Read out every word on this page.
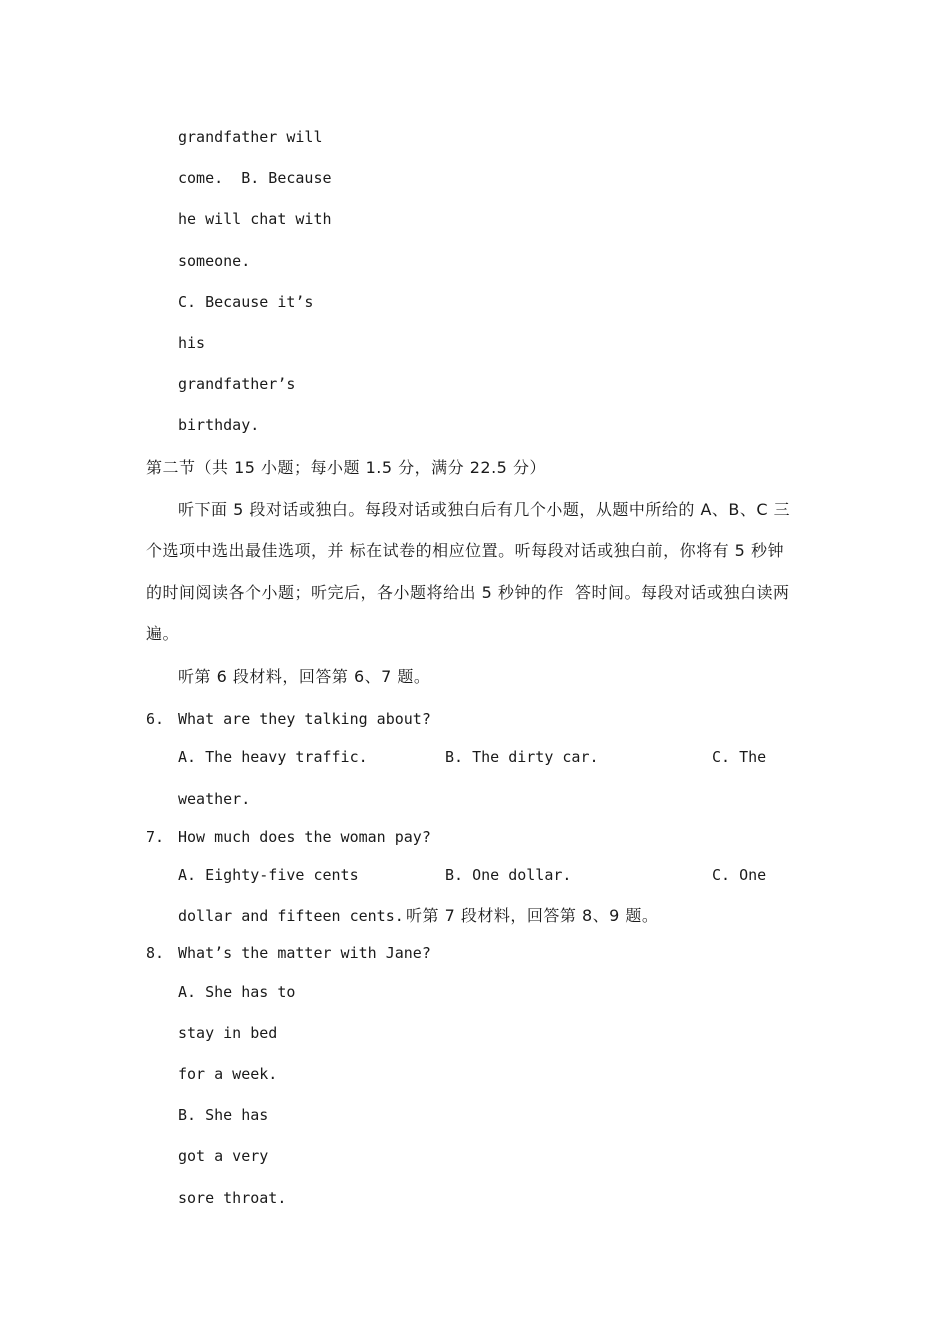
grandfather will
come.  B. Because
he will chat with
someone.
C. Because it’s
his
grandfather’s
birthday.
第二节（共 15 小题；每小题 1.5 分，满分 22.5 分）
听下面 5 段对话或独白。每段对话或独白后有几个小题，从题中所给的 A、B、C 三
个选项中选出最佳选项，并 标在试卷的相应位置。听每段对话或独白前，你将有 5 秒钟
的时间阅读各个小题；听完后，各小题将给出 5 秒钟的作  答时间。每段对话或独白读两
遍。
听第 6 段材料，回答第 6、7 题。
6. What are they talking about?
A. The heavy traffic.	B. The dirty car.	C. The
weather.
7. How much does the woman pay?
A. Eighty-five cents	B. One dollar.	C. One
dollar and fifteen cents. 听第 7 段材料，回答第 8、9 题。
8. What’s the matter with Jane?
A. She has to
stay in bed
for a week.
B. She has
got a very
sore throat.
